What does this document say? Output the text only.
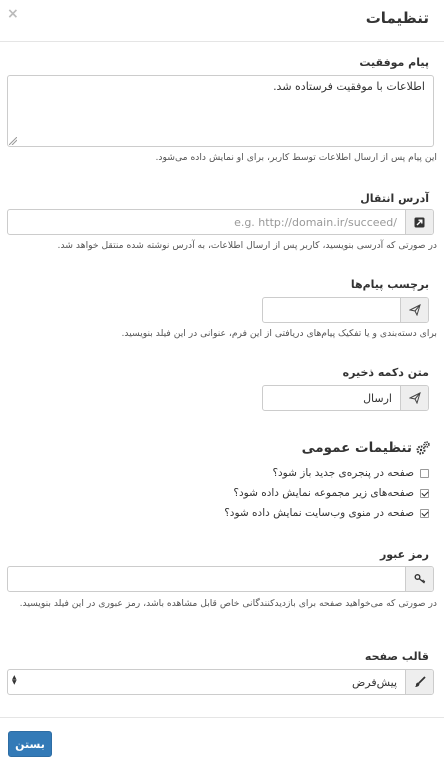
تنظیمات
×
پیام موفقیت
اطلاعات با موفقیت فرستاده شد.
این پیام پس از ارسال اطلاعات توسط کاربر، برای او نمایش داده می‌شود.
آدرس انتقال
e.g. http://domain.ir/succeed/
در صورتی که آدرسی بنویسید، کاربر پس از ارسال اطلاعات، به آدرس نوشته شده منتقل خواهد شد.
برچسب پیام‌ها
برای دسته‌بندی و یا تفکیک پیام‌های دریافتی از این فرم، عنوانی در این فیلد بنویسید.
متن دکمه ذخیره
ارسال
تنظیمات عمومی
صفحه در پنجره‌ی جدید باز شود؟
صفحه‌های زیر مجموعه نمایش داده شود؟
صفحه در منوی وب‌سایت نمایش داده شود؟
رمز عبور
در صورتی که می‌خواهید صفحه برای بازدیدکنندگانی خاص قابل مشاهده باشد، رمز عبوری در این فیلد بنویسید.
قالب صفحه
پیش‌فرض
▲
▼
بستن
